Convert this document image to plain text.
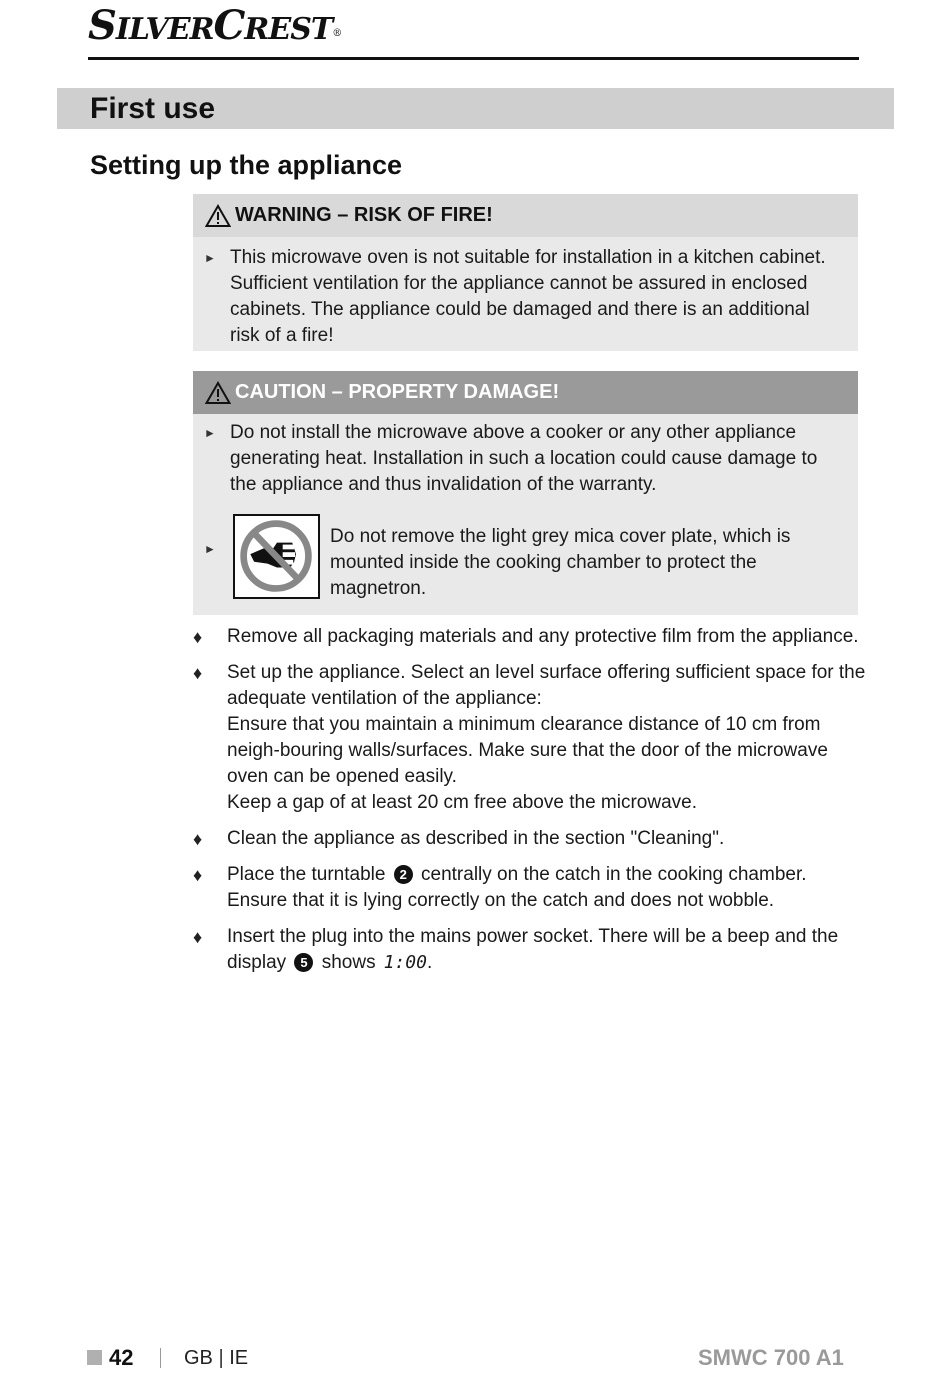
SILVERCREST®
First use
Setting up the appliance
WARNING – RISK OF FIRE!
► This microwave oven is not suitable for installation in a kitchen cabinet. Sufficient ventilation for the appliance cannot be assured in enclosed cabinets. The appliance could be damaged and there is an additional risk of a fire!
CAUTION – PROPERTY DAMAGE!
► Do not install the microwave above a cooker or any other appliance generating heat. Installation in such a location could cause damage to the appliance and thus invalidation of the warranty.
►
Do not remove the light grey mica cover plate, which is mounted inside the cooking chamber to protect the magnetron.
♦ Remove all packaging materials and any protective film from the appliance.
♦ Set up the appliance. Select an level surface offering sufficient space for the adequate ventilation of the appliance:
Ensure that you maintain a minimum clearance distance of 10 cm from neigh-bouring walls/surfaces. Make sure that the door of the microwave oven can be opened easily.
Keep a gap of at least 20 cm free above the microwave.
♦ Clean the appliance as described in the section "Cleaning".
♦ Place the turntable 2 centrally on the catch in the cooking chamber.
Ensure that it is lying correctly on the catch and does not wobble.
♦ Insert the plug into the mains power socket. There will be a beep and the display 5 shows 1:00.
42	GB | IE	SMWC 700 A1
